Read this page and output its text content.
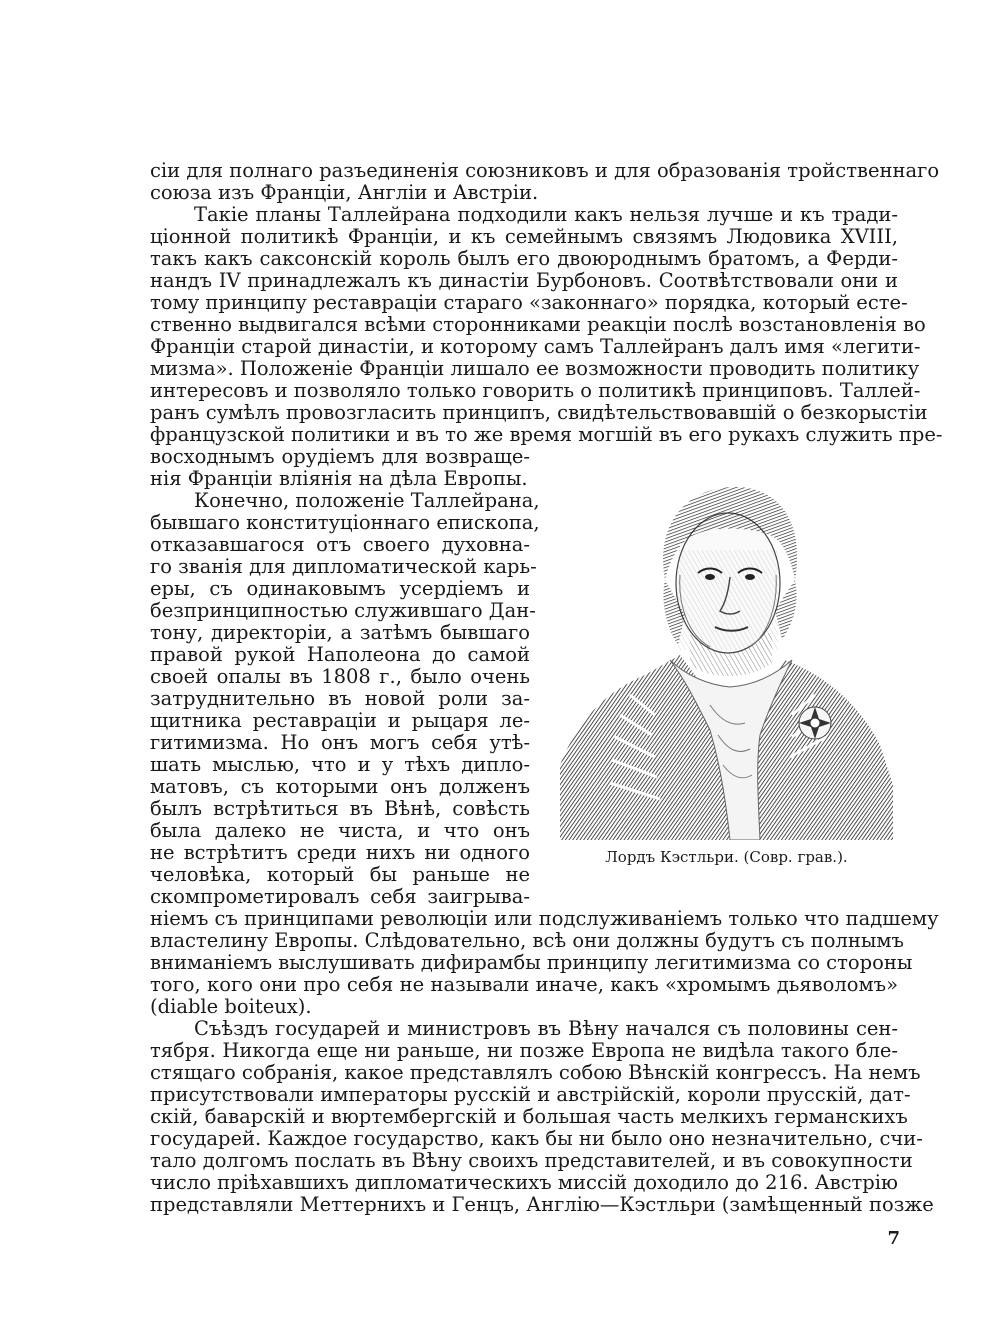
сiи для полнаго разъединенiя союзниковъ и для образованiя тройственнаго
союза изъ Францiи, Англiи и Австрiи.
Такiе планы Таллейрана подходили какъ нельзя лучше и къ тради-
цiонной политикѣ Францiи, и къ семейнымъ связямъ Людовика XVIII,
такъ какъ саксонскiй король былъ его двоюроднымъ братомъ, а Ферди-
нандъ IV принадлежалъ къ династiи Бурбоновъ. Соотвѣтствовали они и
тому принципу реставрацiи стараго «законнаго» порядка, который есте-
ственно выдвигался всѣми сторонниками реакцiи послѣ возстановленiя во
Францiи старой династiи, и которому самъ Таллейранъ далъ имя «легити-
мизма». Положенiе Францiи лишало ее возможности проводить политику
интересовъ и позволяло только говорить о политикѣ принциповъ. Таллей-
ранъ сумѣлъ провозгласить принципъ, свидѣтельствовавшiй о безкорыстiи
французской политики и въ то же время могшiй въ его рукахъ служить пре-
восходнымъ орудiемъ для возвраще-
нiя Францiи влiянiя на дѣла Европы.
Конечно, положенiе Таллейрана,
бывшаго конституцiоннаго епископа,
отказавшагося отъ своего духовна-
го званiя для дипломатической карь-
еры, съ одинаковымъ усердiемъ и
безпринципностью служившаго Дан-
тону, директорiи, а затѣмъ бывшаго
правой рукой Наполеона до самой
своей опалы въ 1808 г., было очень
затруднительно въ новой роли за-
щитника реставрацiи и рыцаря ле-
гитимизма. Но онъ могъ себя утѣ-
шать мыслью, что и у тѣхъ дипло-
матовъ, съ которыми онъ долженъ
былъ встрѣтиться въ Вѣнѣ, совѣсть
была далеко не чиста, и что онъ
не встрѣтитъ среди нихъ ни одного
человѣка, который бы раньше не
скомпрометировалъ себя заигрыва-
нiемъ съ принципами революцiи или подслуживанiемъ только что падшему
властелину Европы. Слѣдовательно, всѣ они должны будутъ съ полнымъ
вниманiемъ выслушивать дифирамбы принципу легитимизма со стороны
того, кого они про себя не называли иначе, какъ «хромымъ дьяволомъ»
(diable boiteux).
Съѣздъ государей и министровъ въ Вѣну начался съ половины сен-
тября. Никогда еще ни раньше, ни позже Европа не видѣла такого бле-
стящаго собранiя, какое представлялъ собою Вѣнскiй конгрессъ. На немъ
присутствовали императоры русскiй и австрiйскiй, короли прусскiй, дат-
скiй, баварскiй и вюртембергскiй и большая часть мелкихъ германскихъ
государей. Каждое государство, какъ бы ни было оно незначительно, счи-
тало долгомъ послать въ Вѣну своихъ представителей, и въ совокупности
число прiѣхавшихъ дипломатическихъ миссiй доходило до 216. Австрiю
представляли Меттернихъ и Генцъ, Англiю—Кэстльри (замѣщенный позже
Лордъ Кэстльри. (Совр. грав.).
7
